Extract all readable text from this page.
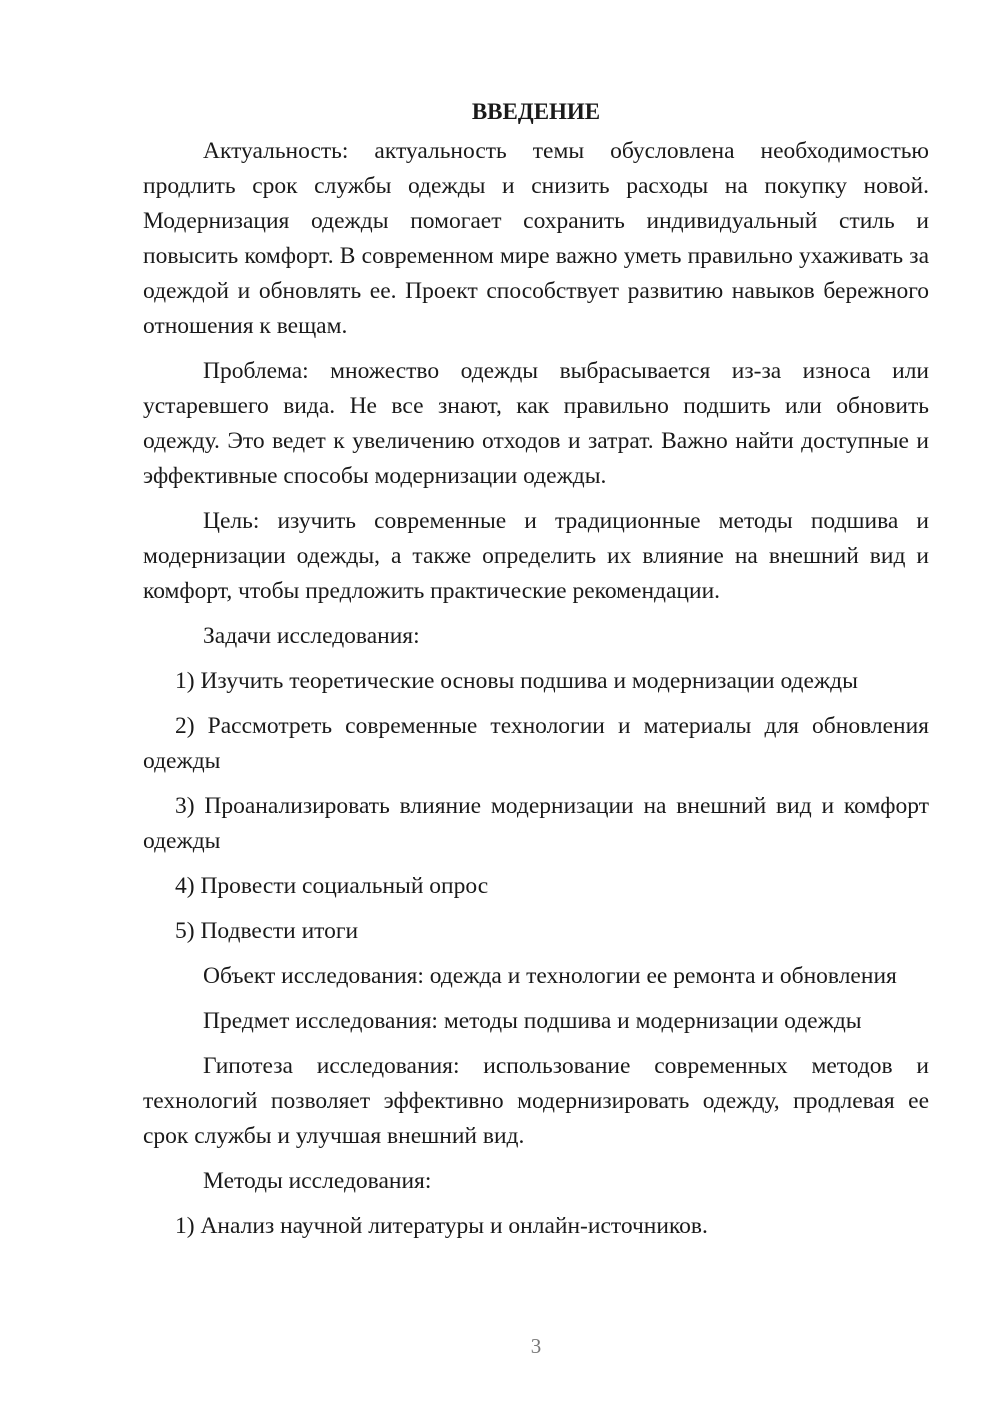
ВВЕДЕНИЕ

Актуальность: актуальность темы обусловлена необходимостью продлить срок службы одежды и снизить расходы на покупку новой. Модернизация одежды помогает сохранить индивидуальный стиль и повысить комфорт. В современном мире важно уметь правильно ухаживать за одеждой и обновлять ее. Проект способствует развитию навыков бережного отношения к вещам.

Проблема: множество одежды выбрасывается из-за износа или устаревшего вида. Не все знают, как правильно подшить или обновить одежду. Это ведет к увеличению отходов и затрат. Важно найти доступные и эффективные способы модернизации одежды.

Цель: изучить современные и традиционные методы подшива и модернизации одежды, а также определить их влияние на внешний вид и комфорт, чтобы предложить практические рекомендации.

Задачи исследования:

1) Изучить теоретические основы подшива и модернизации одежды

2) Рассмотреть современные технологии и материалы для обновления одежды

3) Проанализировать влияние модернизации на внешний вид и комфорт одежды

4) Провести социальный опрос

5) Подвести итоги

Объект исследования: одежда и технологии ее ремонта и обновления

Предмет исследования: методы подшива и модернизации одежды

Гипотеза исследования: использование современных методов и технологий позволяет эффективно модернизировать одежду, продлевая ее срок службы и улучшая внешний вид.

Методы исследования:

1) Анализ научной литературы и онлайн-источников.

3
